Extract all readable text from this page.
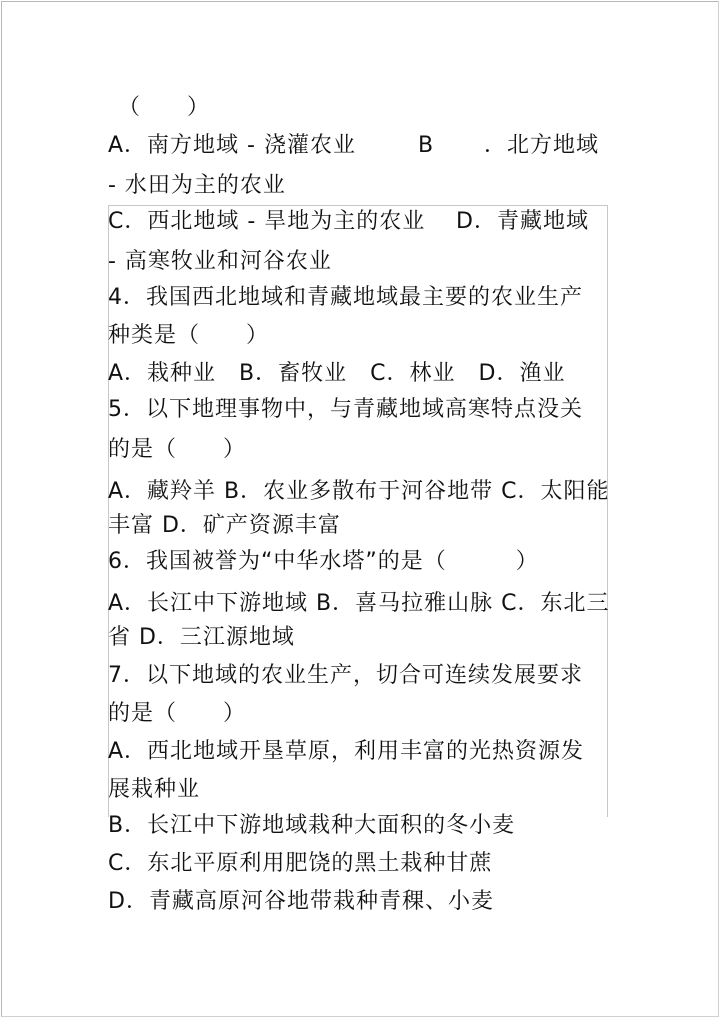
（　　）
A．南方地域 - 浇灌农业	B ．北方地域
- 水田为主的农业
C．西北地域 - 旱地为主的农业 D．青藏地域
- 高寒牧业和河谷农业
4．我国西北地域和青藏地域最主要的农业生产
种类是（　　）
A．栽种业　B．畜牧业　C．林业　D．渔业
5．以下地理事物中，与青藏地域高寒特点没关
的是（　　）
A．藏羚羊 B．农业多散布于河谷地带 C．太阳能
丰富 D．矿产资源丰富
6．我国被誉为“中华水塔”的是（　　　）
A．长江中下游地域 B．喜马拉雅山脉 C．东北三
省 D．三江源地域
7．以下地域的农业生产，切合可连续发展要求
的是（　　）
A．西北地域开垦草原，利用丰富的光热资源发
展栽种业
B．长江中下游地域栽种大面积的冬小麦
C．东北平原利用肥饶的黑土栽种甘蔗
D．青藏高原河谷地带栽种青稞、小麦
